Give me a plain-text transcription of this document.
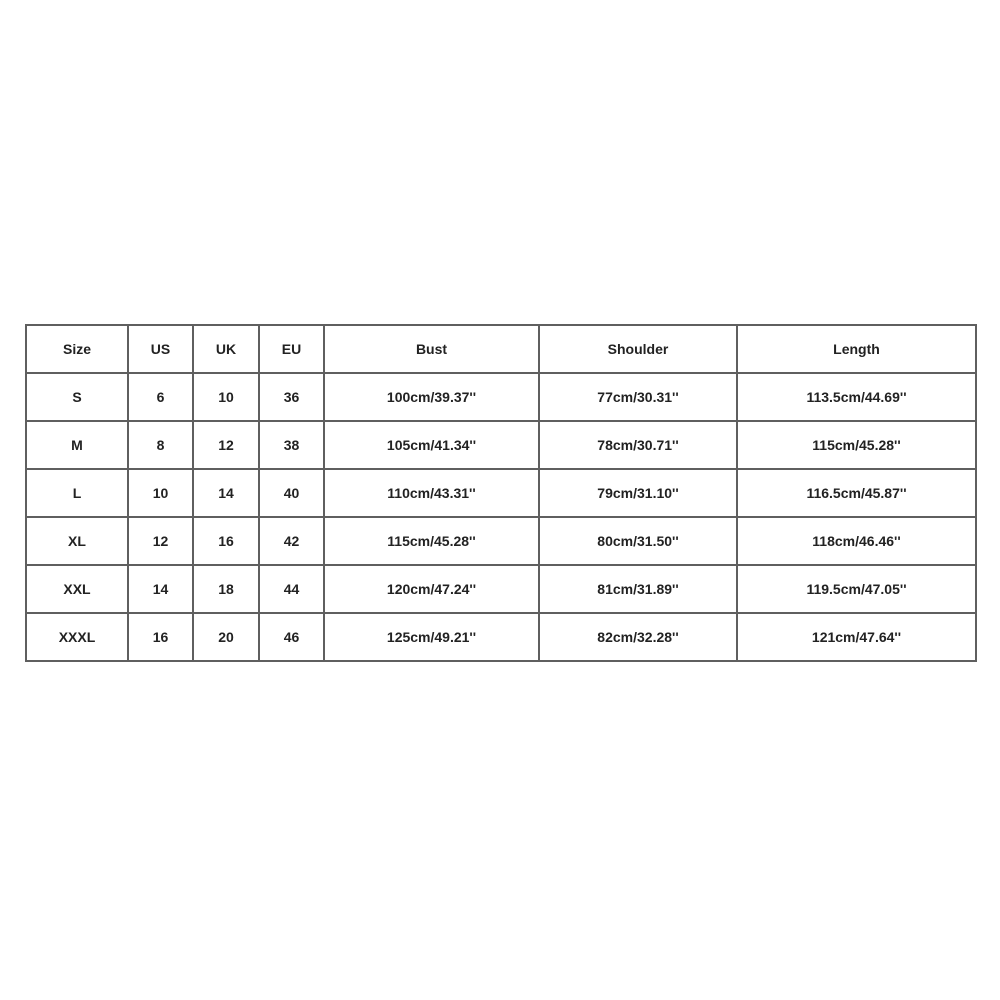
Size	US	UK	EU	Bust	Shoulder	Length
S	6	10	36	100cm/39.37''	77cm/30.31''	113.5cm/44.69''
M	8	12	38	105cm/41.34''	78cm/30.71''	115cm/45.28''
L	10	14	40	110cm/43.31''	79cm/31.10''	116.5cm/45.87''
XL	12	16	42	115cm/45.28''	80cm/31.50''	118cm/46.46''
XXL	14	18	44	120cm/47.24''	81cm/31.89''	119.5cm/47.05''
XXXL	16	20	46	125cm/49.21''	82cm/32.28''	121cm/47.64''
